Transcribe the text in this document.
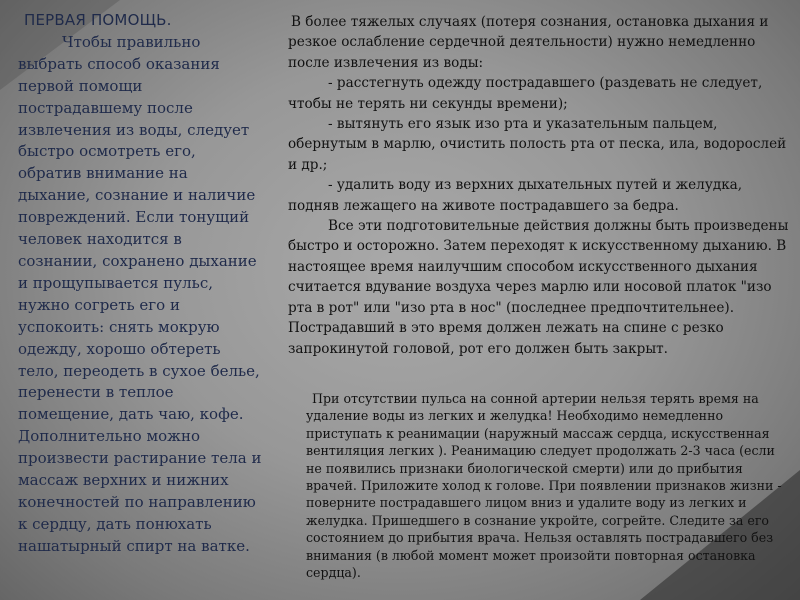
ПЕРВАЯ ПОМОЩЬ.
Чтобы правильно выбрать способ оказания первой помощи пострадавшему после извлечения из воды, следует быстро осмотреть его, обратив внимание на дыхание, сознание и наличие повреждений. Если тонущий человек находится в сознании, сохранено дыхание и прощупывается пульс, нужно согреть его и успокоить: снять мокрую одежду, хорошо обтереть тело, переодеть в сухое белье, перенести в теплое помещение, дать чаю, кофе. Дополнительно можно произвести растирание тела и массаж верхних и нижних конечностей по направлению к сердцу, дать понюхать нашатырный спирт на ватке.

В более тяжелых случаях (потеря сознания, остановка дыхания и резкое ослабление сердечной деятельности) нужно немедленно после извлечения из воды:

- расстегнуть одежду пострадавшего (раздевать не следует, чтобы не терять ни секунды времени);

- вытянуть его язык изо рта и указательным пальцем, обернутым в марлю, очистить полость рта от песка, ила, водорослей и др.;

- удалить воду из верхних дыхательных путей и желудка, подняв лежащего на животе пострадавшего за бедра.

Все эти подготовительные действия должны быть произведены быстро и осторожно. Затем переходят к искусственному дыханию. В настоящее время наилучшим способом искусственного дыхания считается вдувание воздуха через марлю или носовой платок "изо рта в рот" или "изо рта в нос" (последнее предпочтительнее). Пострадавший в это время должен лежать на спине с резко запрокинутой головой, рот его должен быть закрыт.

При отсутствии пульса на сонной артерии нельзя терять время на удаление воды из легких и желудка! Необходимо немедленно приступать к реанимации (наружный массаж сердца, искусственная вентиляция легких ). Реанимацию следует продолжать 2-3 часа (если не появились признаки биологической смерти) или до прибытия врачей. Приложите холод к голове. При появлении признаков жизни - поверните пострадавшего лицом вниз и удалите воду из легких и желудка. Пришедшего в сознание укройте, согрейте. Следите за его состоянием до прибытия врача. Нельзя оставлять пострадавшего без внимания (в любой момент может произойти повторная остановка сердца).
